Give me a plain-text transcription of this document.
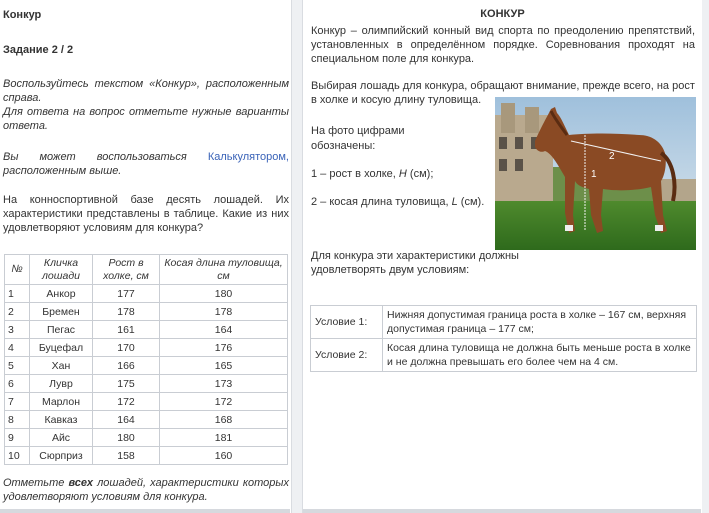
Конкур
Задание 2 / 2
Воспользуйтесь текстом «Конкур», расположенным справа.
Для ответа на вопрос отметьте нужные варианты ответа.
Вы может воспользоваться Калькулятором, расположенным выше.
На конноспортивной базе десять лошадей. Их характеристики представлены в таблице. Какие из них удовлетворяют условиям для конкура?
№	Кличка лошади	Рост в холке, см	Косая длина туловища, см
1	Анкор	177	180
2	Бремен	178	178
3	Пегас	161	164
4	Буцефал	170	176
5	Хан	166	165
6	Лувр	175	173
7	Марлон	172	172
8	Кавказ	164	168
9	Айс	180	181
10	Сюрприз	158	160
Отметьте всех лошадей, характеристики которых удовлетворяют условиям для конкура.
КОНКУР
Конкур – олимпийский конный вид спорта по преодолению препятствий, установленных в определённом порядке. Соревнования проходят на специальном поле для конкура.
Выбирая лошадь для конкура, обращают внимание, прежде всего, на рост в холке и косую длину туловища.
1
2
На фото цифрами обозначены:
1 – рост в холке, H (см);
2 – косая длина туловища, L (см).
Для конкура эти характеристики должны удовлетворять двум условиям:
Условие 1:	Нижняя допустимая граница роста в холке – 167 см, верхняя допустимая граница – 177 см;
Условие 2:	Косая длина туловища не должна быть меньше роста в холке и не должна превышать его более чем на 4 см.
